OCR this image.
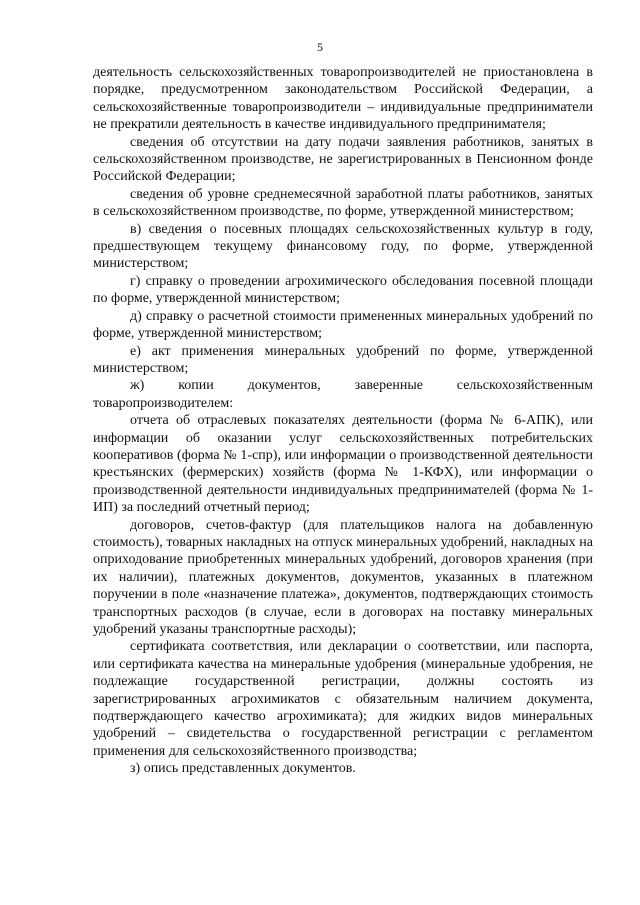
5

деятельность сельскохозяйственных товаропроизводителей не приостановлена в порядке, предусмотренном законодательством Российской Федерации, а сельскохозяйственные товаропроизводители – индивидуальные предприниматели не прекратили деятельность в качестве индивидуального предпринимателя;

сведения об отсутствии на дату подачи заявления работников, занятых в сельскохозяйственном производстве, не зарегистрированных в Пенсионном фонде Российской Федерации;

сведения об уровне среднемесячной заработной платы работников, занятых в сельскохозяйственном производстве, по форме, утвержденной министерством;

в) сведения о посевных площадях сельскохозяйственных культур в году, предшествующем текущему финансовому году, по форме, утвержденной министерством;

г) справку о проведении агрохимического обследования посевной площади по форме, утвержденной министерством;

д) справку о расчетной стоимости примененных минеральных удобрений по форме, утвержденной министерством;

е) акт применения минеральных удобрений по форме, утвержденной министерством;

ж) копии документов, заверенные сельскохозяйственным товаропроизводителем:

отчета об отраслевых показателях деятельности (форма № 6-АПК), или информации об оказании услуг сельскохозяйственных потребительских кооперативов (форма № 1-спр), или информации о производственной деятельности крестьянских (фермерских) хозяйств (форма № 1-КФХ), или информации о производственной деятельности индивидуальных предпринимателей (форма № 1-ИП) за последний отчетный период;

договоров, счетов-фактур (для плательщиков налога на добавленную стоимость), товарных накладных на отпуск минеральных удобрений, накладных на оприходование приобретенных минеральных удобрений, договоров хранения (при их наличии), платежных документов, документов, указанных в платежном поручении в поле «назначение платежа», документов, подтверждающих стоимость транспортных расходов (в случае, если в договорах на поставку минеральных удобрений указаны транспортные расходы);

сертификата соответствия, или декларации о соответствии, или паспорта, или сертификата качества на минеральные удобрения (минеральные удобрения, не подлежащие государственной регистрации, должны состоять из зарегистрированных агрохимикатов с обязательным наличием документа, подтверждающего качество агрохимиката); для жидких видов минеральных удобрений – свидетельства о государственной регистрации с регламентом применения для сельскохозяйственного производства;

з) опись представленных документов.
